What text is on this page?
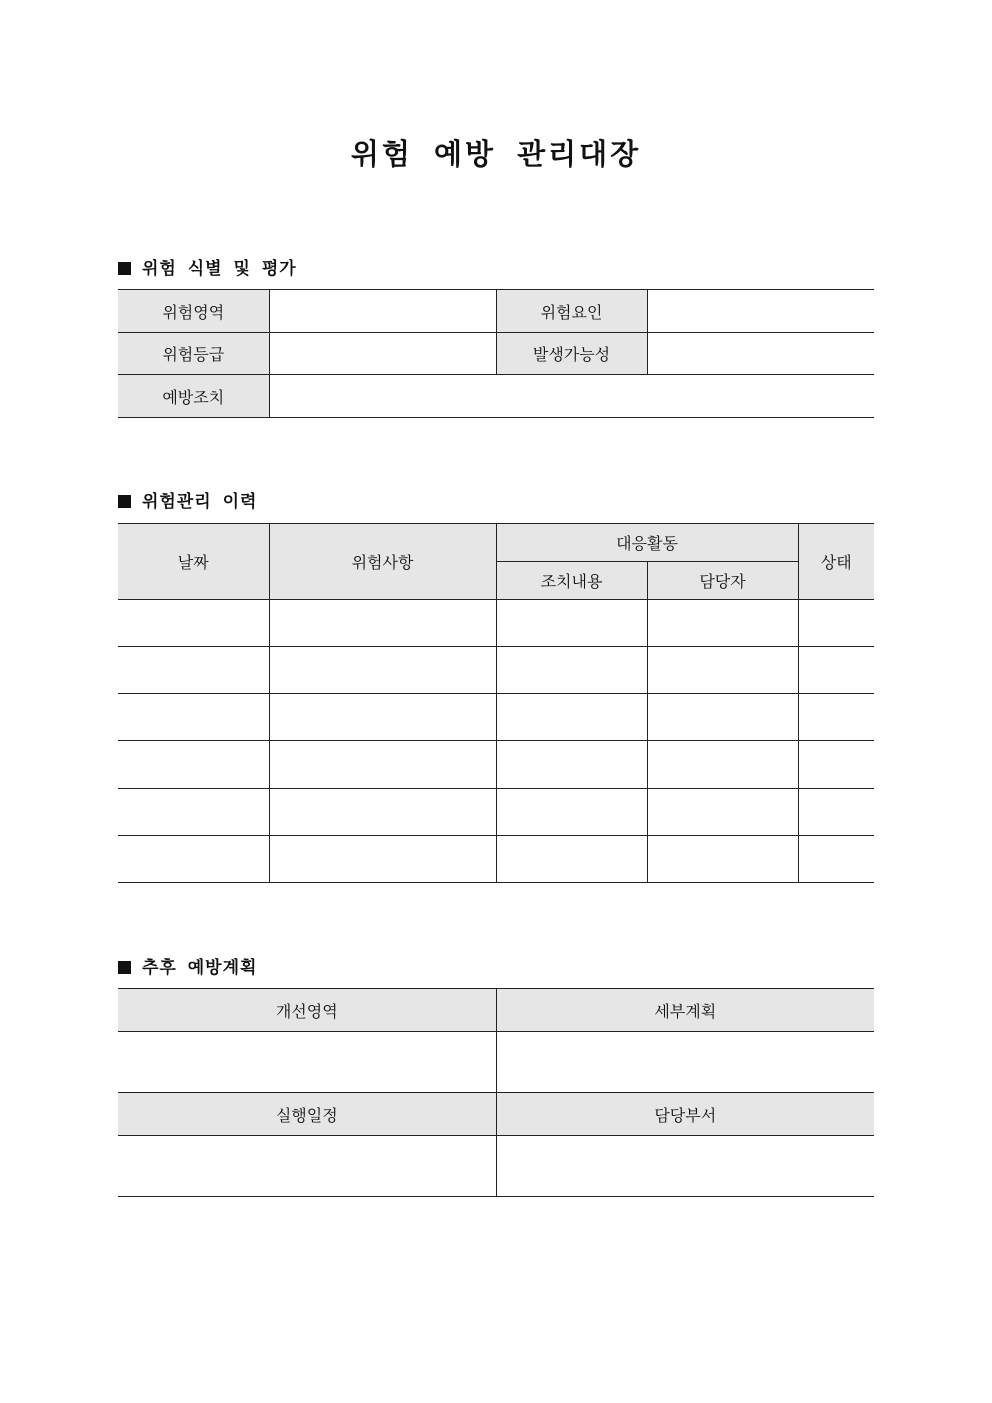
위험 예방 관리대장
위험 식별 및 평가
위험영역		위험요인	
위험등급		발생가능성	
예방조치			
위험관리 이력
날짜	위험사항	대응활동		상태
		조치내용	담당자	

추후 예방계획
개선영역	세부계획

실행일정	담당부서
